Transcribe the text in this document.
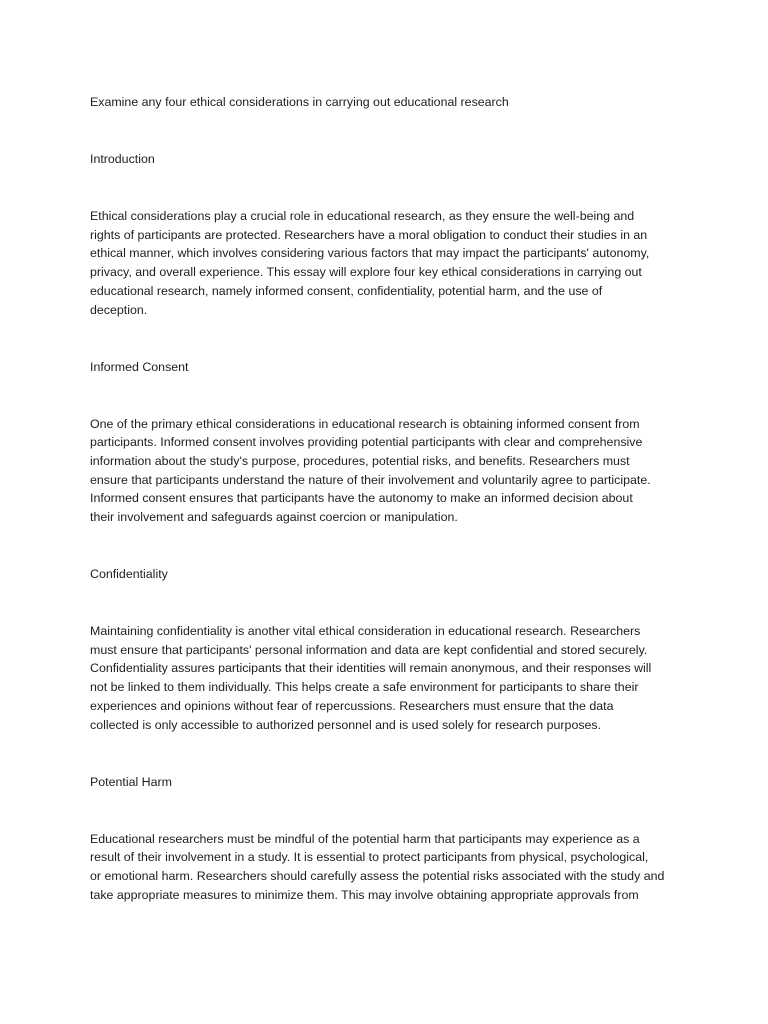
Examine any four ethical considerations in carrying out educational research

Introduction

Ethical considerations play a crucial role in educational research, as they ensure the well-being and
rights of participants are protected. Researchers have a moral obligation to conduct their studies in an
ethical manner, which involves considering various factors that may impact the participants' autonomy,
privacy, and overall experience. This essay will explore four key ethical considerations in carrying out
educational research, namely informed consent, confidentiality, potential harm, and the use of
deception.

Informed Consent

One of the primary ethical considerations in educational research is obtaining informed consent from
participants. Informed consent involves providing potential participants with clear and comprehensive
information about the study's purpose, procedures, potential risks, and benefits. Researchers must
ensure that participants understand the nature of their involvement and voluntarily agree to participate.
Informed consent ensures that participants have the autonomy to make an informed decision about
their involvement and safeguards against coercion or manipulation.

Confidentiality

Maintaining confidentiality is another vital ethical consideration in educational research. Researchers
must ensure that participants' personal information and data are kept confidential and stored securely.
Confidentiality assures participants that their identities will remain anonymous, and their responses will
not be linked to them individually. This helps create a safe environment for participants to share their
experiences and opinions without fear of repercussions. Researchers must ensure that the data
collected is only accessible to authorized personnel and is used solely for research purposes.

Potential Harm

Educational researchers must be mindful of the potential harm that participants may experience as a
result of their involvement in a study. It is essential to protect participants from physical, psychological,
or emotional harm. Researchers should carefully assess the potential risks associated with the study and
take appropriate measures to minimize them. This may involve obtaining appropriate approvals from
